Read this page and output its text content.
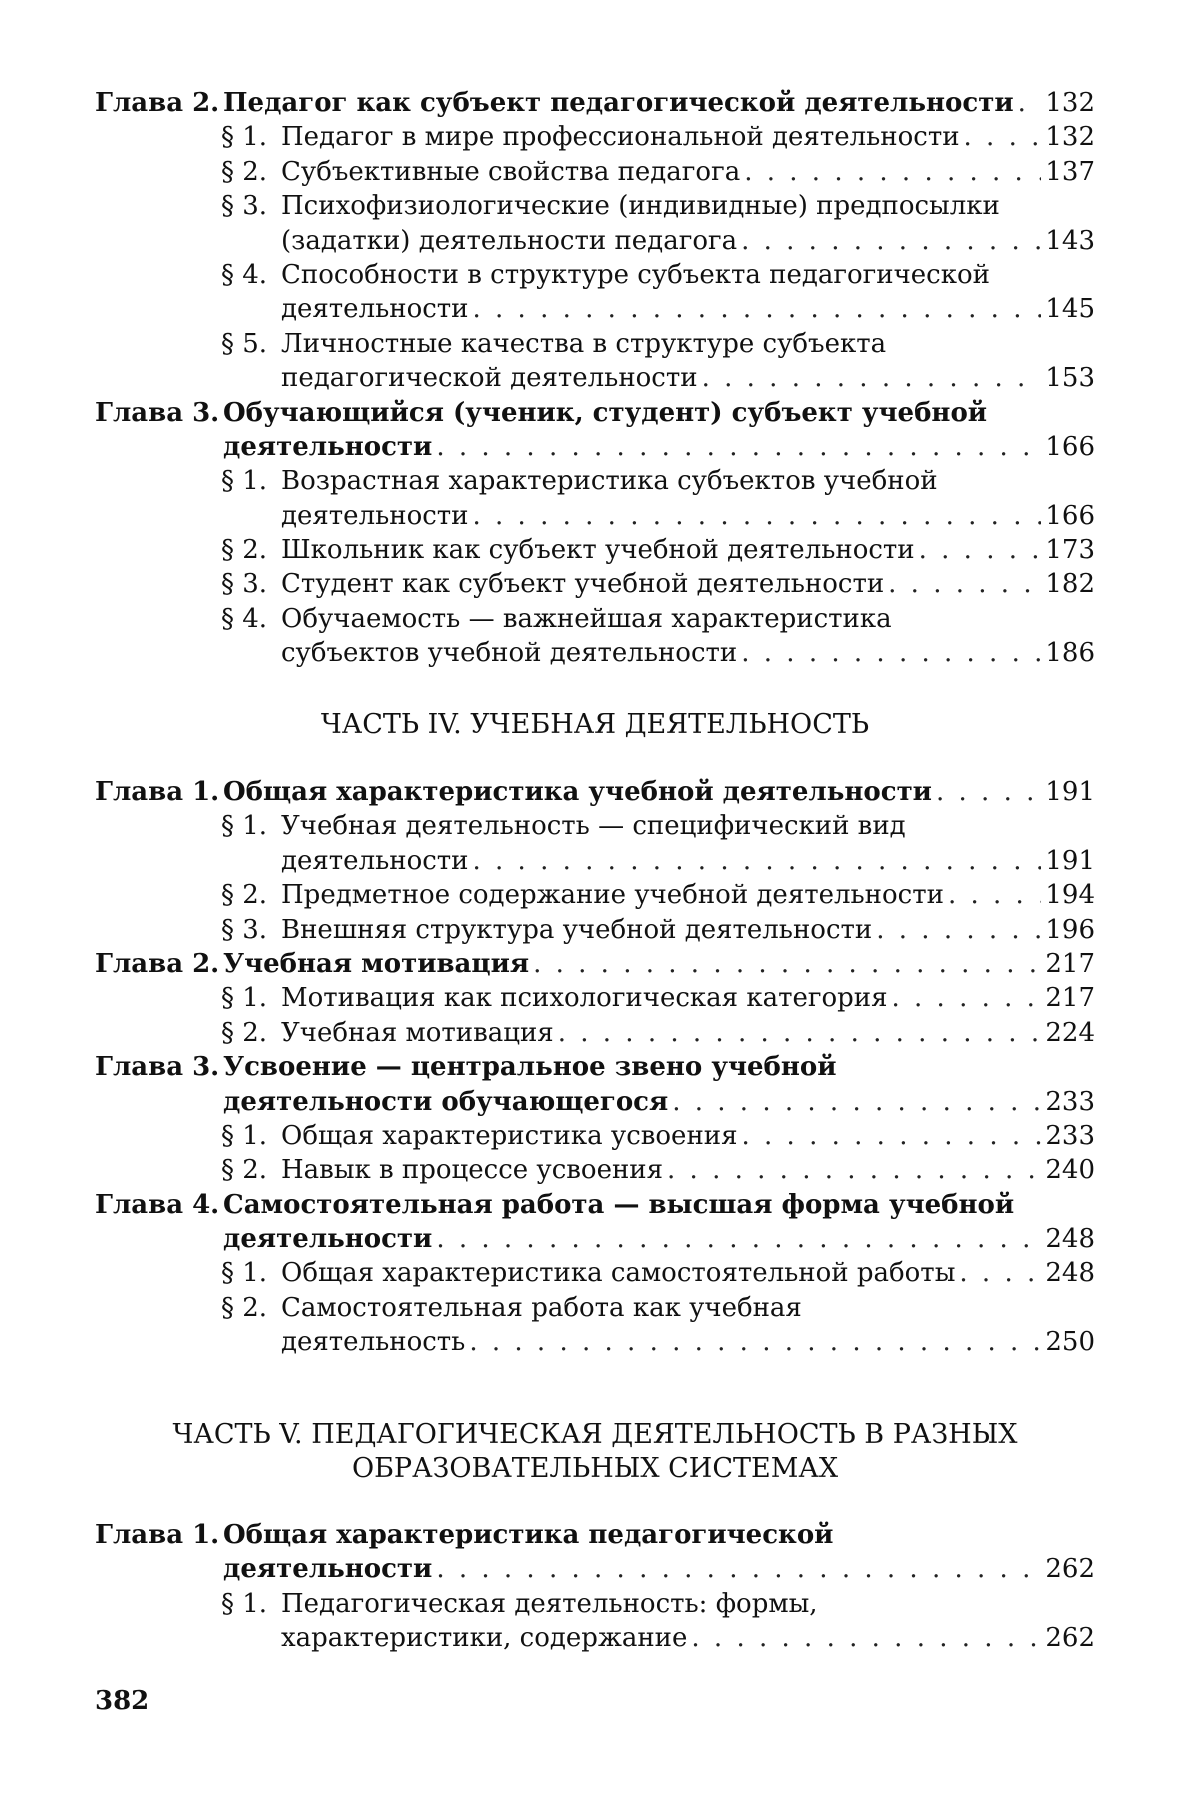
Глава 2. Педагог как субъект педагогической деятельности
. . . 132
§ 1. Педагог в мире профессиональной деятельности
. . .	132
§ 2. Субъективные свойства педагога
. . .	137
§ 3. Психофизиологические (индивидные) предпосылки
(задатки) деятельности педагога
. . .	143
§ 4. Способности в структуре субъекта педагогической
деятельности
. . .	145
§ 5. Личностные качества в структуре субъекта
педагогической деятельности
. . .	153
Глава 3. Обучающийся (ученик, студент) субъект учебной
деятельности
. . .	166
§ 1. Возрастная характеристика субъектов учебной
деятельности
. . .	166
§ 2. Школьник как субъект учебной деятельности
. . .	173
§ 3. Студент как субъект учебной деятельности
. . .	182
§ 4. Обучаемость — важнейшая характеристика
субъектов учебной деятельности
. . .	186
ЧАСТЬ IV. УЧЕБНАЯ ДЕЯТЕЛЬНОСТЬ
Глава 1. Общая характеристика учебной деятельности
. . .	191
§ 1. Учебная деятельность — специфический вид
деятельности
. . .	191
§ 2. Предметное содержание учебной деятельности
. . .	194
§ 3. Внешняя структура учебной деятельности
. . .	196
Глава 2. Учебная мотивация
. . .	217
§ 1. Мотивация как психологическая категория
. . .	217
§ 2. Учебная мотивация
. . .	224
Глава 3. Усвоение — центральное звено учебной
деятельности обучающегося
. . .	233
§ 1. Общая характеристика усвоения
. . .	233
§ 2. Навык в процессе усвоения
. . .	240
Глава 4. Самостоятельная работа — высшая форма учебной
деятельности
. . .	248
§ 1. Общая характеристика самостоятельной работы
. . .	248
§ 2. Самостоятельная работа как учебная
деятельность
. . .	250
ЧАСТЬ V. ПЕДАГОГИЧЕСКАЯ ДЕЯТЕЛЬНОСТЬ В РАЗНЫХ
ОБРАЗОВАТЕЛЬНЫХ СИСТЕМАХ
Глава 1. Общая характеристика педагогической
деятельности
. . .	262
§ 1. Педагогическая деятельность: формы,
характеристики, содержание
. . .	262
382
